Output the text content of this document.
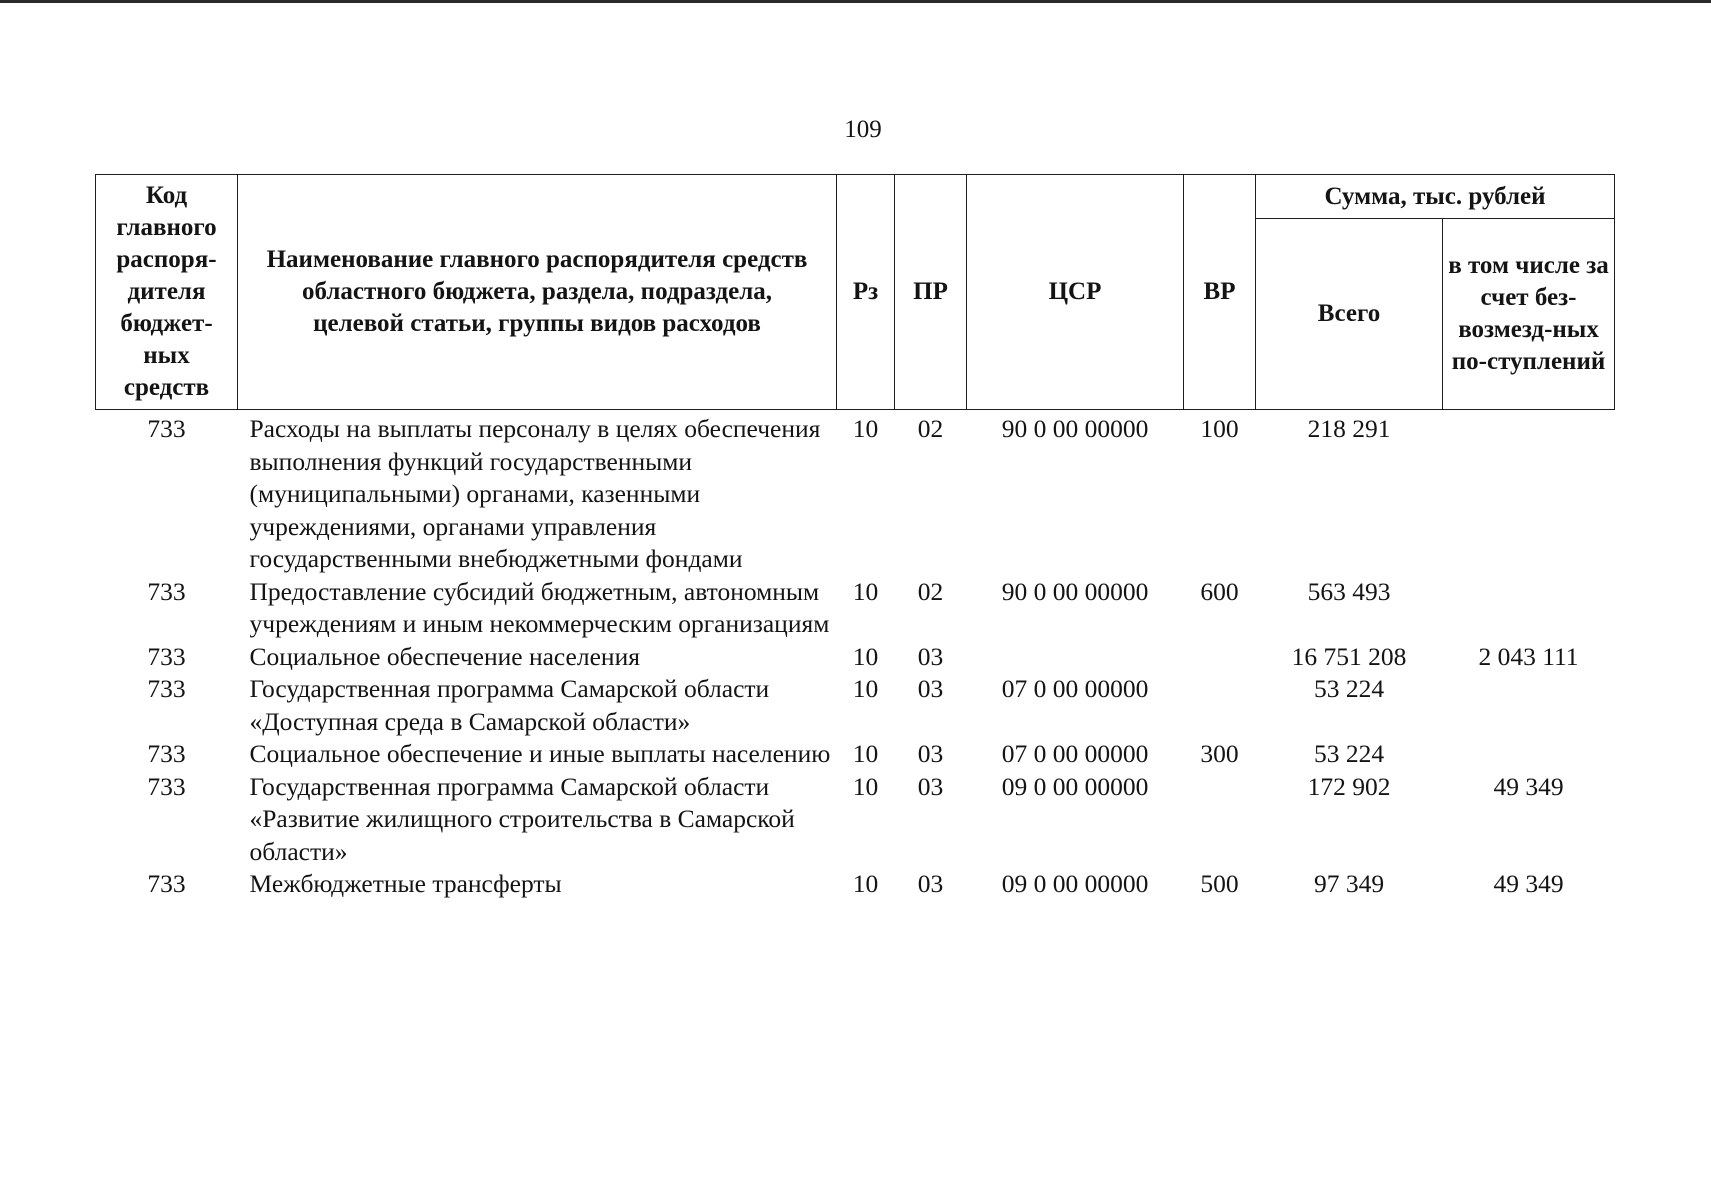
109
Код главного распоря-дителя бюджет-ных средств	Наименование главного распорядителя средств областного бюджета, раздела, подраздела, целевой статьи, группы видов расходов	Рз	ПР	ЦСР	ВР	Сумма, тыс. рублей	
						Всего	в том числе за счет без-возмезд-ных по-ступлений
733	Расходы на выплаты персоналу в целях обеспечения выполнения функций государственными (муниципальными) органами, казенными учреждениями, органами управления государственными внебюджетными фондами	10	02	90 0 00 00000	100	218 291	
733	Предоставление субсидий бюджетным, автономным учреждениям и иным некоммерческим организациям	10	02	90 0 00 00000	600	563 493	
733	Социальное обеспечение населения	10	03			16 751 208	2 043 111
733	Государственная программа Самарской области «Доступная среда в Самарской области»	10	03	07 0 00 00000		53 224	
733	Социальное обеспечение и иные выплаты населению	10	03	07 0 00 00000	300	53 224	
733	Государственная программа Самарской области «Развитие жилищного строительства в Самарской области»	10	03	09 0 00 00000		172 902	49 349
733	Межбюджетные трансферты	10	03	09 0 00 00000	500	97 349	49 349
